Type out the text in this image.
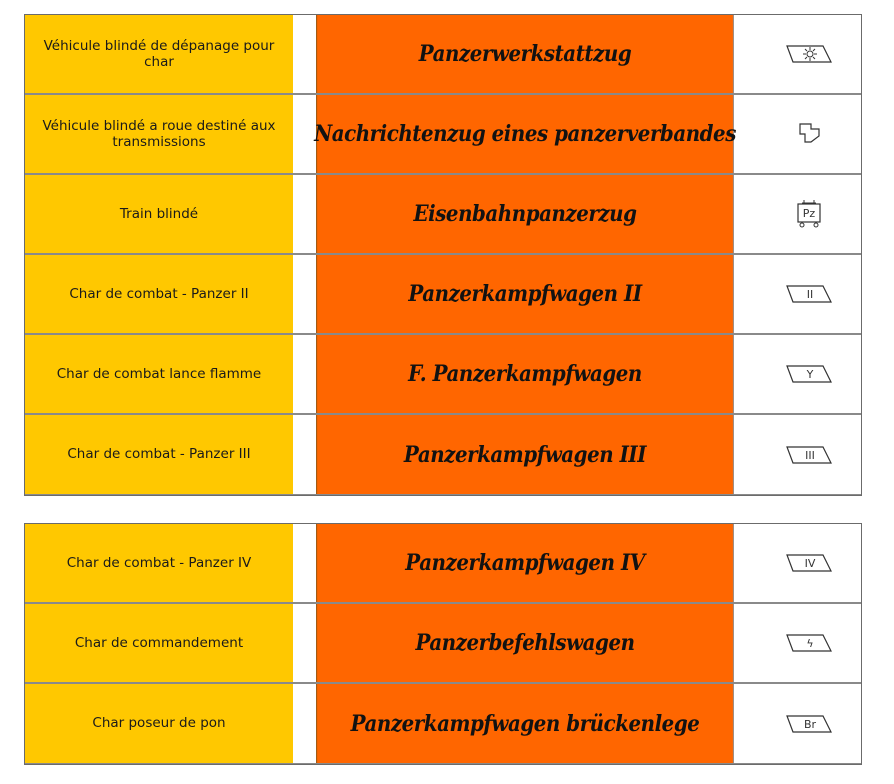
Véhicule blindé de dépanage pour char	Panzerwerkstattzug
Véhicule blindé a roue destiné aux transmissions	Nachrichtenzug eines panzerverbandes
Train blindé	Eisenbahnpanzerzug	Pz
Char de combat - Panzer II	Panzerkampfwagen II	II
Char de combat lance flamme	F. Panzerkampfwagen	Y
Char de combat - Panzer III	Panzerkampfwagen III	III
Char de combat - Panzer IV	Panzerkampfwagen IV	IV
Char de commandement	Panzerbefehlswagen	ϟ
Char poseur de pon	Panzerkampfwagen brückenlege	Br
